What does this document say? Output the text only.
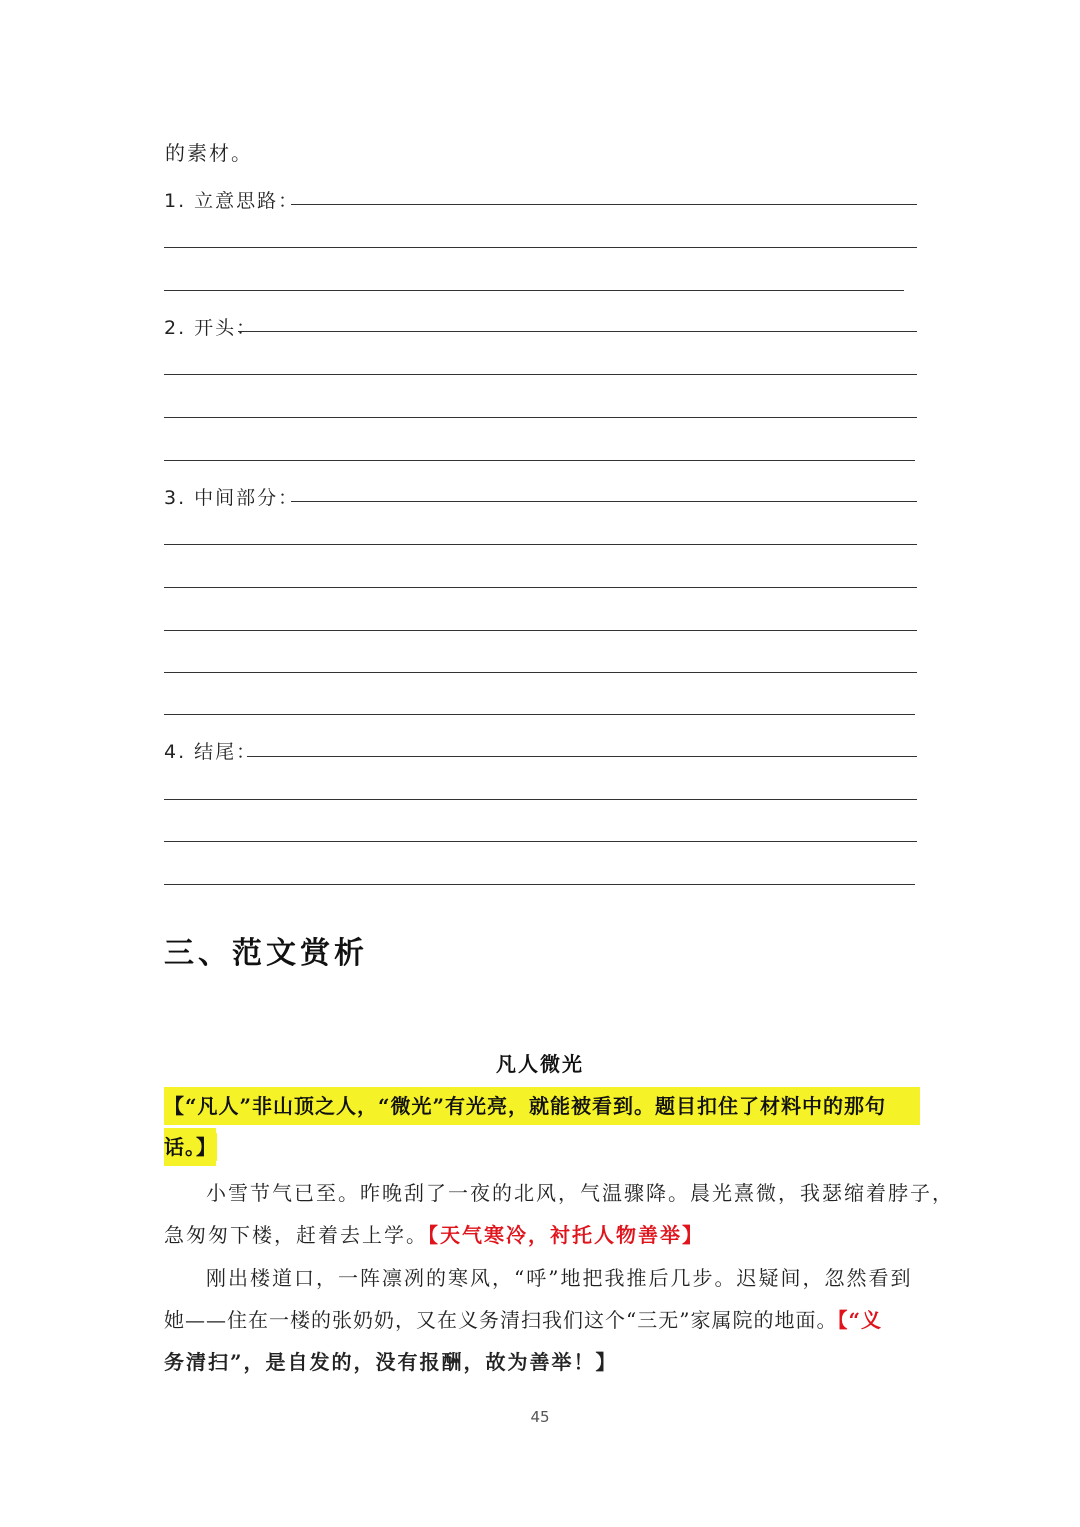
的素材。
1. 立意思路：
2. 开头：
3. 中间部分：
4. 结尾：
三、范文赏析
凡人微光
【“凡人”非山顶之人，“微光”有光亮，就能被看到。题目扣住了材料中的那句
话。】
小雪节气已至。昨晚刮了一夜的北风，气温骤降。晨光熹微，我瑟缩着脖子，
急匆匆下楼，赶着去上学。【天气寒冷，衬托人物善举】
刚出楼道口，一阵凛冽的寒风，“呼”地把我推后几步。迟疑间，忽然看到
她——住在一楼的张奶奶，又在义务清扫我们这个“三无”家属院的地面。【“义
务清扫”，是自发的，没有报酬，故为善举！】
45
